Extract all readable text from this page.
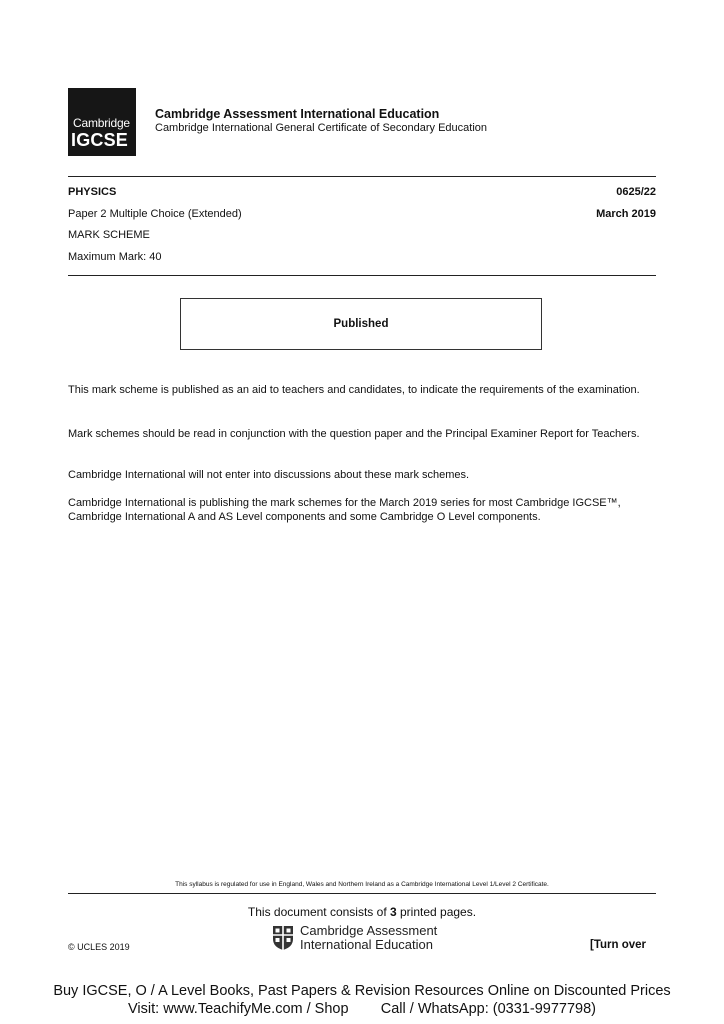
Cambridge
IGCSE
Cambridge Assessment International Education
Cambridge International General Certificate of Secondary Education
PHYSICS	0625/22
Paper 2 Multiple Choice (Extended)	March 2019
MARK SCHEME
Maximum Mark: 40
Published
This mark scheme is published as an aid to teachers and candidates, to indicate the requirements of the examination.
Mark schemes should be read in conjunction with the question paper and the Principal Examiner Report for Teachers.
Cambridge International will not enter into discussions about these mark schemes.
Cambridge International is publishing the mark schemes for the March 2019 series for most Cambridge IGCSE™, Cambridge International A and AS Level components and some Cambridge O Level components.
This syllabus is regulated for use in England, Wales and Northern Ireland as a Cambridge International Level 1/Level 2 Certificate.
This document consists of 3 printed pages.
© UCLES 2019
Cambridge Assessment
International Education	[Turn over
Buy IGCSE, O / A Level Books, Past Papers & Revision Resources Online on Discounted Prices
Visit: www.TeachifyMe.com / Shop        Call / WhatsApp: (0331-9977798)
